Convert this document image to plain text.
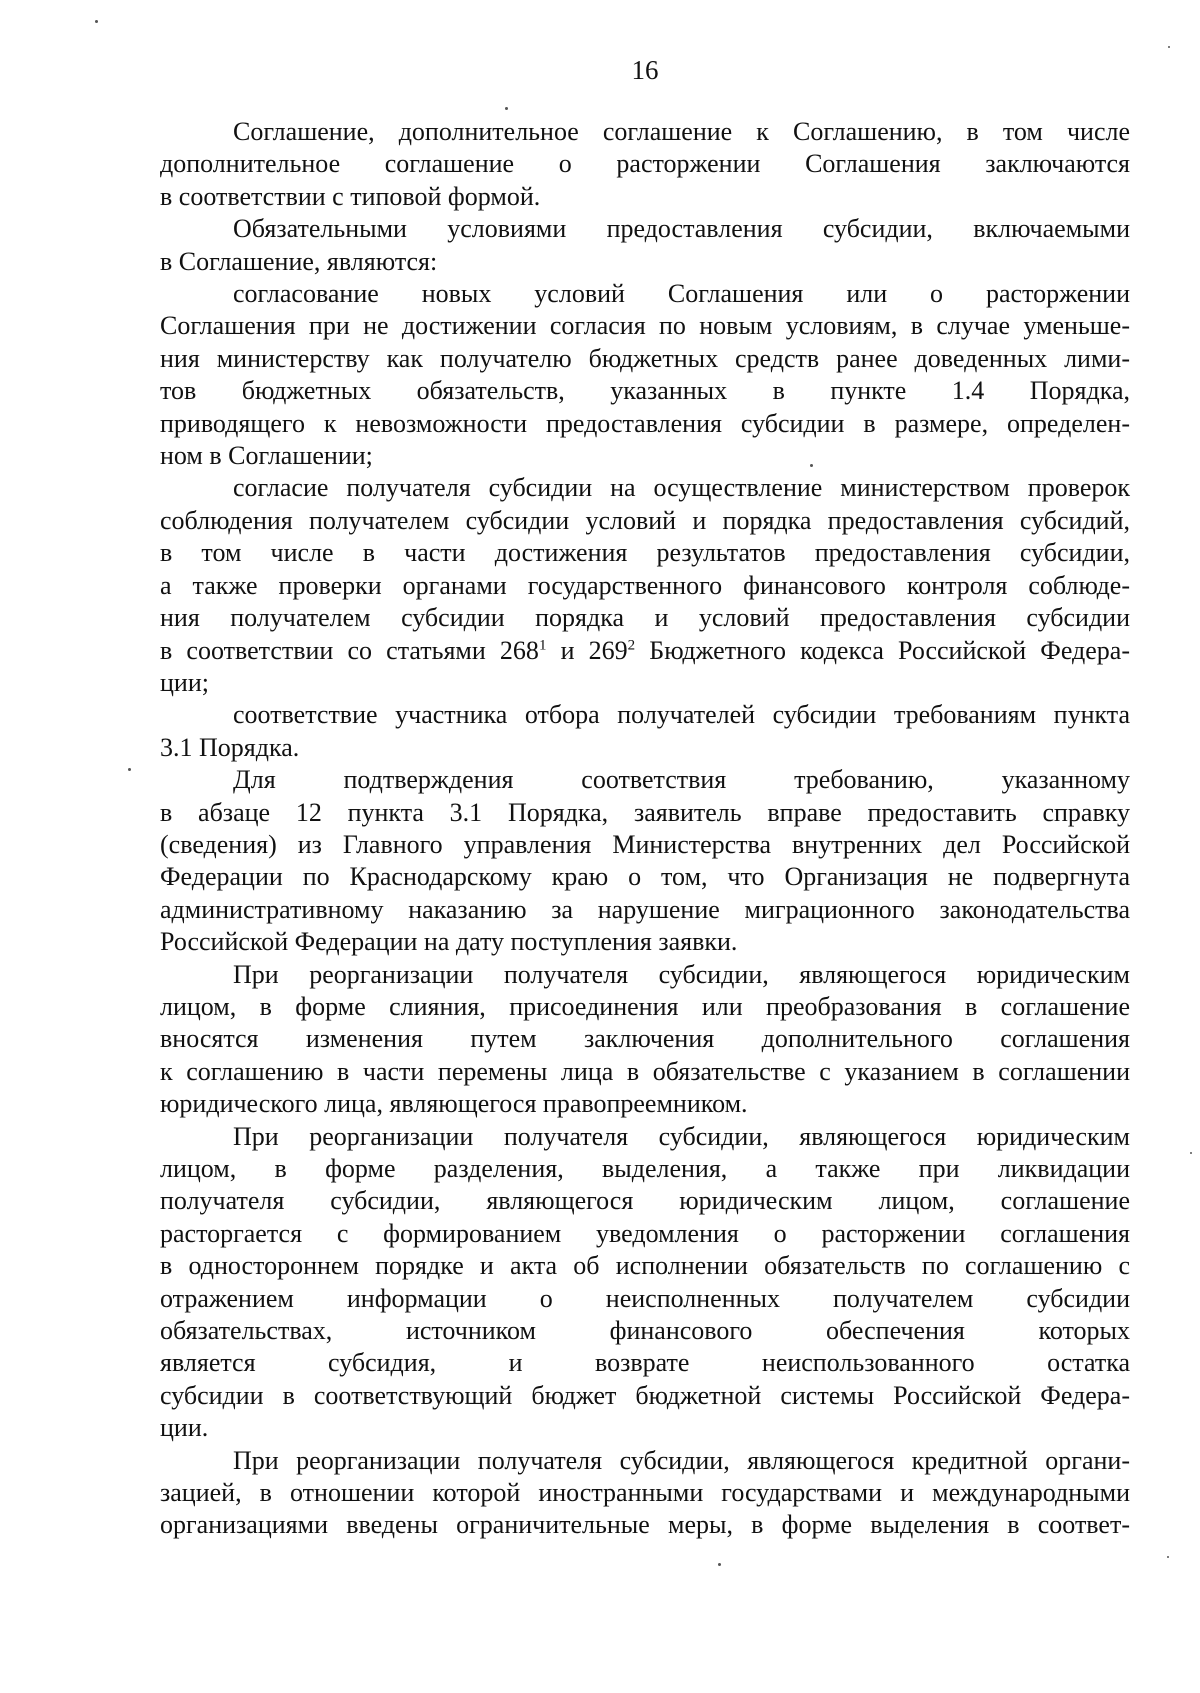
16
Соглашение, дополнительное соглашение к Соглашению, в том числе
дополнительное соглашение о расторжении Соглашения заключаются
в соответствии с типовой формой.
Обязательными условиями предоставления субсидии, включаемыми
в Соглашение, являются:
согласование новых условий Соглашения или о расторжении
Соглашения при не достижении согласия по новым условиям, в случае уменьше-
ния министерству как получателю бюджетных средств ранее доведенных лими-
тов бюджетных обязательств, указанных в пункте 1.4 Порядка,
приводящего к невозможности предоставления субсидии в размере, определен-
ном в Соглашении;
согласие получателя субсидии на осуществление министерством проверок
соблюдения получателем субсидии условий и порядка предоставления субсидий,
в том числе в части достижения результатов предоставления субсидии,
а также проверки органами государственного финансового контроля соблюде-
ния получателем субсидии порядка и условий предоставления субсидии
в соответствии со статьями $268^1$ и $269^2$ Бюджетного кодекса Российской Федера-
ции;
соответствие участника отбора получателей субсидии требованиям пункта
3.1 Порядка.
Для подтверждения соответствия требованию, указанному
в абзаце 12 пункта 3.1 Порядка, заявитель вправе предоставить справку
(сведения) из Главного управления Министерства внутренних дел Российской
Федерации по Краснодарскому краю о том, что Организация не подвергнута
административному наказанию за нарушение миграционного законодательства
Российской Федерации на дату поступления заявки.
При реорганизации получателя субсидии, являющегося юридическим
лицом, в форме слияния, присоединения или преобразования в соглашение
вносятся изменения путем заключения дополнительного соглашения
к соглашению в части перемены лица в обязательстве с указанием в соглашении
юридического лица, являющегося правопреемником.
При реорганизации получателя субсидии, являющегося юридическим
лицом, в форме разделения, выделения, а также при ликвидации
получателя субсидии, являющегося юридическим лицом, соглашение
расторгается с формированием уведомления о расторжении соглашения
в одностороннем порядке и акта об исполнении обязательств по соглашению с
отражением информации о неисполненных получателем субсидии
обязательствах, источником финансового обеспечения которых
является субсидия, и возврате неиспользованного остатка
субсидии в соответствующий бюджет бюджетной системы Российской Федера-
ции.
При реорганизации получателя субсидии, являющегося кредитной органи-
зацией, в отношении которой иностранными государствами и международными
организациями введены ограничительные меры, в форме выделения в соответ-
